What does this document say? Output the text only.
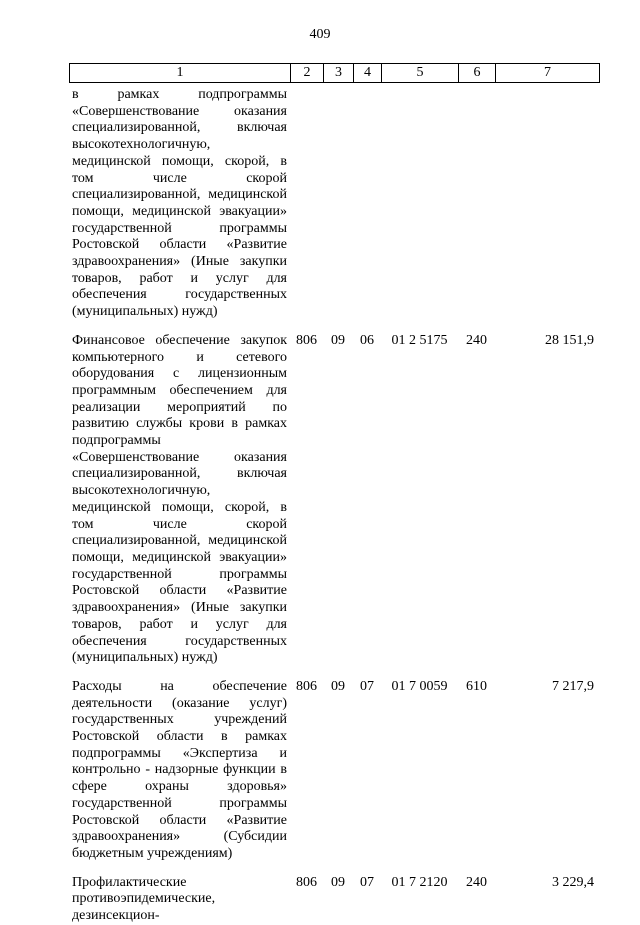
409
1	2	3	4	5	6	7
в рамках подпрограммы «Совершенствование оказания специализированной, включая высокотехнологичную, медицинской помощи, скорой, в том числе скорой специализированной, медицинской помощи, медицинской эвакуации» государственной программы Ростовской области «Развитие здравоохранения» (Иные закупки товаров, работ и услуг для обеспечения государственных (муниципальных) нужд)
Финансовое обеспечение закупок компьютерного и сетевого оборудования с лицензионным программным обеспечением для реализации мероприятий по развитию службы крови в рамках подпрограммы «Совершенствование оказания специализированной, включая высокотехнологичную, медицинской помощи, скорой, в том числе скорой специализированной, медицинской помощи, медицинской эвакуации» государственной программы Ростовской области «Развитие здравоохранения» (Иные закупки товаров, работ и услуг для обеспечения государственных (муниципальных) нужд)
806	09	06	01 2 5175	240	28 151,9
Расходы на обеспечение деятельности (оказание услуг) государственных учреждений Ростовской области в рамках подпрограммы «Экспертиза и контрольно - надзорные функции в сфере охраны здоровья» государственной программы Ростовской области «Развитие здравоохранения» (Субсидии бюджетным учреждениям)
806	09	07	01 7 0059	610	7 217,9
Профилактические противоэпидемические, дезинсекцион-
806	09	07	01 7 2120	240	3 229,4
